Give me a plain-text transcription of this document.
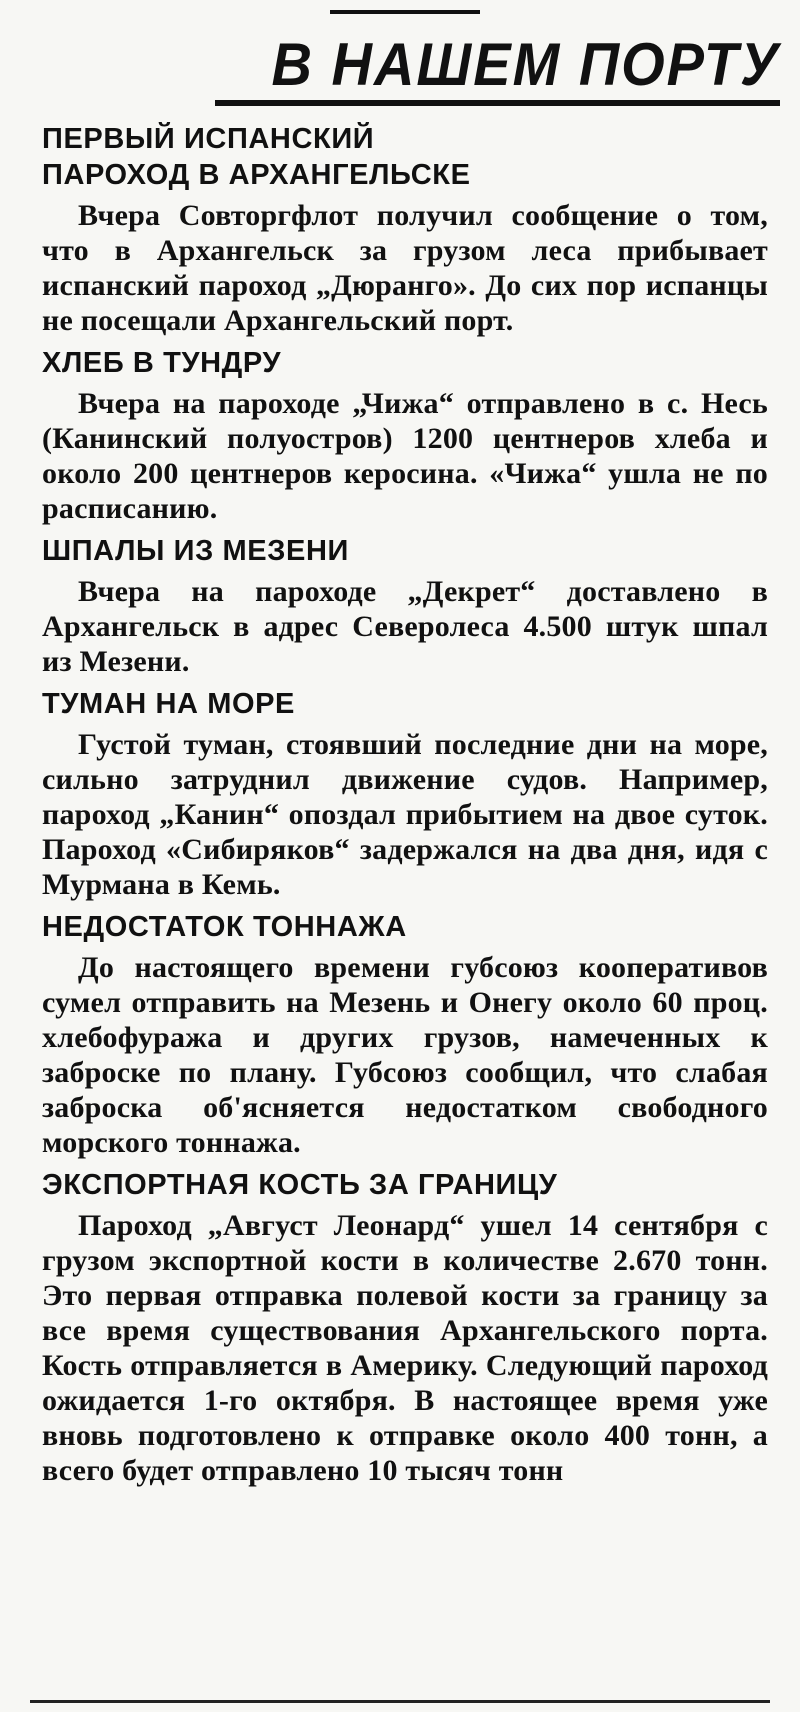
В НАШЕМ ПОРТУ
ПЕРВЫЙ ИСПАНСКИЙ
ПАРОХОД В АРХАНГЕЛЬСКЕ

Вчера Совторгфлот получил сообщение о том, что в Архангельск за грузом леса прибывает испанский пароход „Дюранго». До сих пор испанцы не посещали Архангельский порт.

ХЛЕБ В ТУНДРУ

Вчера на пароходе „Чижа“ отправлено в с. Несь (Канинский полуостров) 1200 центнеров хлеба и около 200 центнеров керосина. «Чижа“ ушла не по расписанию.

ШПАЛЫ ИЗ МЕЗЕНИ

Вчера на пароходе „Декрет“ доставлено в Архангельск в адрес Северолеса 4.500 штук шпал из Мезени.

ТУМАН НА МОРЕ

Густой туман, стоявший последние дни на море, сильно затруднил движение судов. Например, пароход „Канин“ опоздал прибытием на двое суток. Пароход «Сибиряков“ задержался на два дня, идя с Мурмана в Кемь.

НЕДОСТАТОК ТОННАЖА

До настоящего времени губсоюз кооперативов сумел отправить на Мезень и Онегу около 60 проц. хлебофуража и других грузов, намеченных к заброске по плану. Губсоюз сообщил, что слабая заброска об'ясняется недостатком свободного морского тоннажа.

ЭКСПОРТНАЯ КОСТЬ ЗА ГРАНИЦУ

Пароход „Август Леонард“ ушел 14 сентября с грузом экспортной кости в количестве 2.670 тонн. Это первая отправка полевой кости за границу за все время существования Архангельского порта. Кость отправляется в Америку. Следующий пароход ожидается 1-го октября. В настоящее время уже вновь подготовлено к отправке около 400 тонн, а всего будет отправлено 10 тысяч тонн
